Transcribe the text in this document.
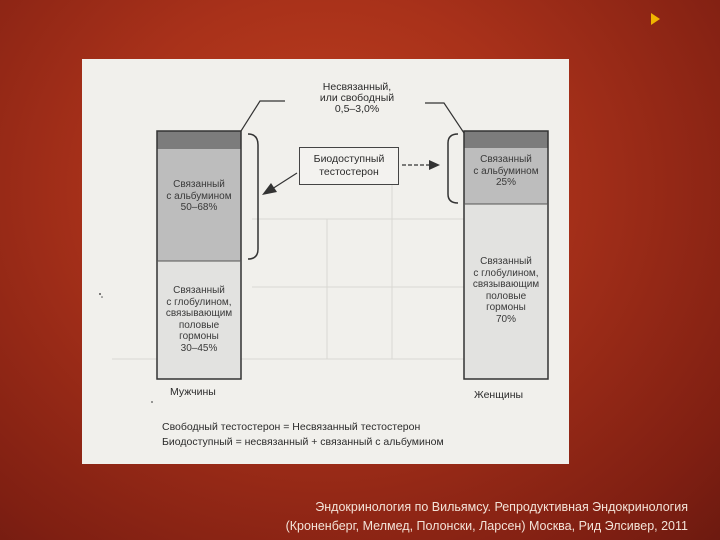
Несвязанный,
или свободный
0,5–3,0%
Биодоступный
тестостерон
Связанный
с альбумином
50–68%
Связанный
с глобулином,
связывающим
половые
гормоны
30–45%
Связанный
с альбумином
25%
Связанный
с глобулином,
связывающим
половые
гормоны
70%
Мужчины	Женщины
Свободный тестостерон = Несвязанный тестостерон
Биодоступный = несвязанный + связанный с альбумином
Эндокринология по Вильямсу. Репродуктивная Эндокринология
(Кроненберг, Мелмед, Полонски, Ларсен) Москва, Рид Элсивер, 2011
